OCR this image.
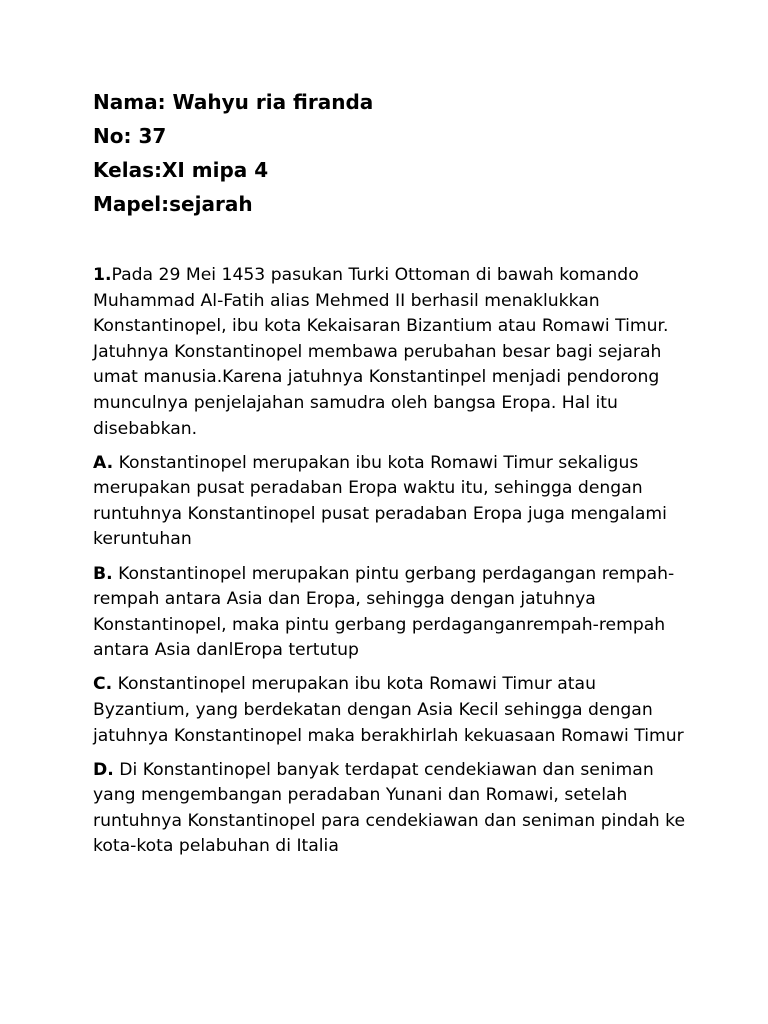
Nama: Wahyu ria firanda

No: 37

Kelas:XI mipa 4

Mapel:sejarah

1.Pada 29 Mei 1453 pasukan Turki Ottoman di bawah komando
Muhammad Al-Fatih alias Mehmed II berhasil menaklukkan
Konstantinopel, ibu kota Kekaisaran Bizantium atau Romawi Timur.
Jatuhnya Konstantinopel membawa perubahan besar bagi sejarah
umat manusia.Karena jatuhnya Konstantinpel menjadi pendorong
munculnya penjelajahan samudra oleh bangsa Eropa. Hal itu
disebabkan.

A. Konstantinopel merupakan ibu kota Romawi Timur sekaligus
merupakan pusat peradaban Eropa waktu itu, sehingga dengan
runtuhnya Konstantinopel pusat peradaban Eropa juga mengalami
keruntuhan

B. Konstantinopel merupakan pintu gerbang perdagangan rempah-
rempah antara Asia dan Eropa, sehingga dengan jatuhnya
Konstantinopel, maka pintu gerbang perdaganganrempah-rempah
antara Asia danlEropa tertutup

C. Konstantinopel merupakan ibu kota Romawi Timur atau
Byzantium, yang berdekatan dengan Asia Kecil sehingga dengan
jatuhnya Konstantinopel maka berakhirlah kekuasaan Romawi Timur

D. Di Konstantinopel banyak terdapat cendekiawan dan seniman
yang mengembangan peradaban Yunani dan Romawi, setelah
runtuhnya Konstantinopel para cendekiawan dan seniman pindah ke
kota-kota pelabuhan di Italia
